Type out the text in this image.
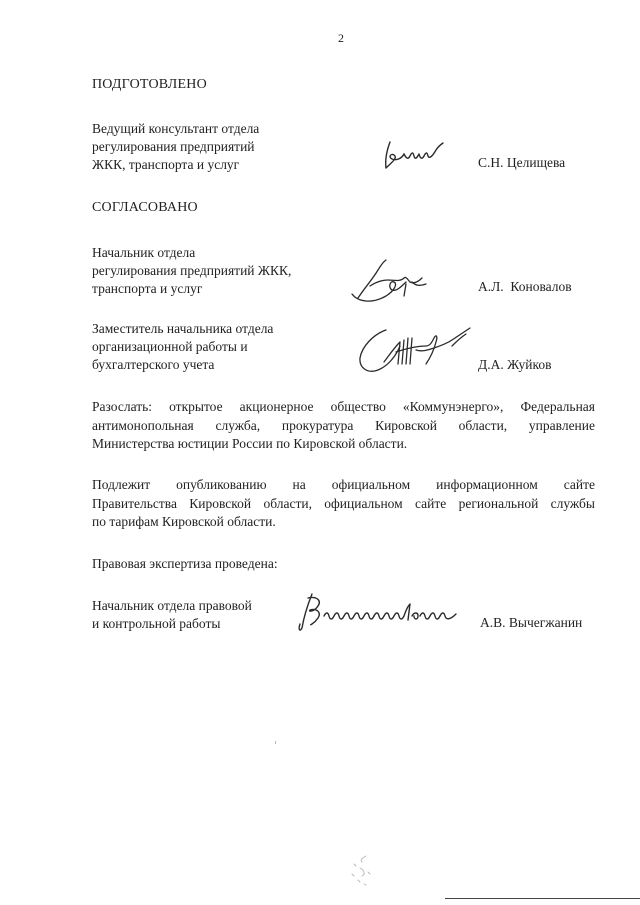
2
ПОДГОТОВЛЕНО
Ведущий консультант отдела
регулирования предприятий
ЖКК, транспорта и услуг	С.Н. Целищева
СОГЛАСОВАНО
Начальник отдела
регулирования предприятий ЖКК,
транспорта и услуг	А.Л.  Коновалов
Заместитель начальника отдела
организационной работы и
бухгалтерского учета	Д.А. Жуйков
Разослать: открытое акционерное общество «Коммунэнерго», Федеральная
антимонопольная служба, прокуратура Кировской области, управление
Министерства юстиции России по Кировской области.
Подлежит опубликованию на официальном информационном сайте
Правительства Кировской области, официальном сайте региональной службы
по тарифам Кировской области.
Правовая экспертиза проведена:
Начальник отдела правовой
и контрольной работы	А.В. Вычегжанин
